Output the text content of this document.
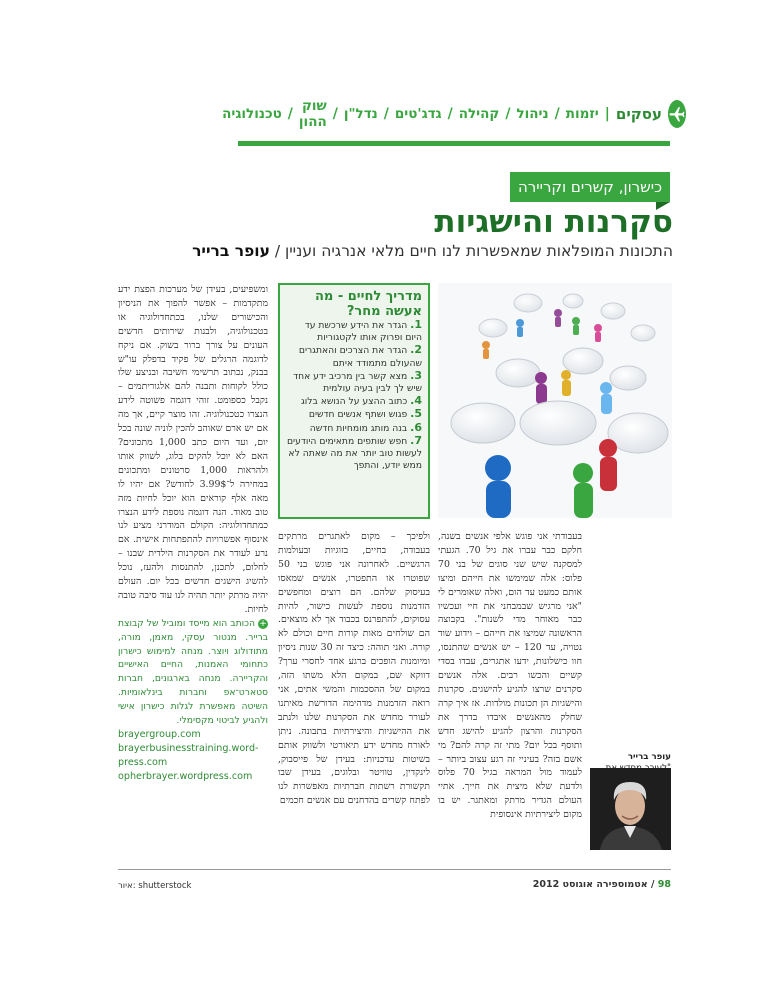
עסקים
|
יזמות
/
ניהול
/
קהילה
/
גדג'טים
/
נדל"ן
/
שוק ההון
/
טכנולוגיה
כישרון, קשרים וקריירה
סקרנות והישגיות
התכונות המופלאות שמאפשרות לנו חיים מלאי אנרגיה ועניין / עופר ברייר
מדריך לחיים - מה אעשה מחר?
1. הגדר את הידע שרכשת עד היום ופרוק אותו לקטגוריות
2. הגדר את הצרכים והאתגרים שהעולם מתמודד איתם
3. מצא קשר בין מרכיב ידע אחד שיש לך לבין בעיה עולמית
4. כתוב ההצע על הנושא בלוג
5. פגוש ושתף אנשים חדשים
6. בנה מותג מומחיות חדשה
7. חפש שותפים מתאימים היודעים לעשות טוב יותר את מה שאתה לא ממש יודע, והתפך

ומשפיעים, בעידן של מערכות הפצת ידע מתקדמות – אפשר להפוך את הניסיון והכישורים שלנו, בכתחדולוגיה או בטכנולוגיה, ולבנות שירותים חדשים העונים על צורך ברור בשוק. אם ניקח לדוגמה הרגלים של פקיד בדפלק עו"ש בבנק, נכתוב תרשימי חשיבה ובניצע שלו כולל לקוחות ותבנה להם אלגוריתמים – נקבל כספומט. זוהי דוגמה פשוטה לידע הנצרו כטכנולוגיה. זהו מוצר קיים, אך מה אם יש ארם שאוהב להכין לוניה שונה בכל יום, ועד היום כתב 1,000 מתכונים? האם לא יוכל להקים בלוג, לשווק אותו ולהראות 1,000 סרטונים ומתכונים במחירה ל־3.99$ לחודש? אם יהיו לו מאה אלף קוראים הוא יוכל לחיות מזה טוב מאוד. הנה דוגמה נוספת לידע הנצרו כמתחדולוגיה: הקולם המודרני מציע לנו אינסוף אפשרויות להתפתחות אישית. אם נרע לעודר את הסקרנות הילדית שבנו – לחלום, לתכנן, להתנסות ולהעז, נוכל להשיג הישגים חדשים בכל יום. העולם יהיה מרתק יותר תהיה לנו עוד סיבה טובה לחיות.

+ הכותב הוא מייסד ומוביל של קבוצת ברייר. מנטור עסקי, מאמן, מורה, מתודולוג ויוצר. מנחה למימוש כישרון כתחומי האמנות, החיים האישיים והקריירה. מנחה בארגונים, חברות סטארט־אפ וחברות בינלאומיות. השיטה מאפשרת לגלות כישרון אישי ולהגיע לביטוי מקסימלי.

brayergroup.com
brayerbusinesstraining.word-press.com
opherbrayer.wordpress.com

ולפיכך – מקום לאתגרים מרתקים בעבודה, בחיים, בזוגיות ובעולמות הרגשיים. לאחרונה אני פוגש בני 50 שפוטרו או התפטרו, אנשים שמאסו בעיסוק שלהם. הם רוצים ומחפשים הזדמנות נוספת לעשות כישור, להיות עסוקים, להתפרנס בכבוד אך לא מוצאים. הם שולחים מאות קורות חיים וכולם לא קורה. ואני תוהה: כיצד זה 30 שנות ניסיון ומיומנות הופכים ברגע אחד לחסרי ערך? דווקא שם, במקום הלא משתו הזה, במקום של ההסכמות והמשי אתים, אני רואה הזדמנות מדהימה הדורשת מאיתנו לעורר מחדש את הסקרנות שלנו ולנתב את ההישגיות והיצירתיות בתבונה. ניתן לאורח מחדש ידע תיאורטי ולשווק אותם בשיטות עדכניות: בעידן של פייסבוק, לינקדין, טוויטר ובלוגים, בעידן שבו תקשורת רשתות חברתיות מאפשרות לנו לפתח קשרים בהדחנים עם אנשים חכמים

בעבודתי אני פוגש אלפי אנשים בשנה, חלקם כבר עברו את גיל 70. הגעתי למסקנה שיש שני סוגים של בני 70 פלוס: אלה שמימשו את חייהם ומיצו אותם כמעט עד הום, ואלה שאומרים לי "אני מרגיש שבמבחני את חיי ועכשיו כבר מאוחר מדי לשנות". בקבוצה הראשונה שמיצו את חייהם – וידוע שוד נטויה, עד 120 – יש אנשים שהתנסו, חוו כישלונות, ידעו אתגרים, עבדו בסדי קשיים והכשו רבים. אלה אנשים סקרנים שרצו להגיע להישגים. סקרנות והישגיות הן תכונות מולדות. אז איך קרה שחלק מהאנשים איבדו בדרך את הסקרנות והרצון להגיע להישג חדש ותוסף בכל יום? מתי זה קרה להם? מי אשם בזה? בעיניי זה רגע עצוב ביותר – לעמוד מול המראה בגיל 70 פלוס ולדעת שלא מיצית את חייך. אתיי העולם הגדיר מרתק ומאתגר. יש בו מקום ליצירתיות אינסופית

עופר ברייר
איור: shutterstock	98 / אטמוספירה אוגוסט 2012
